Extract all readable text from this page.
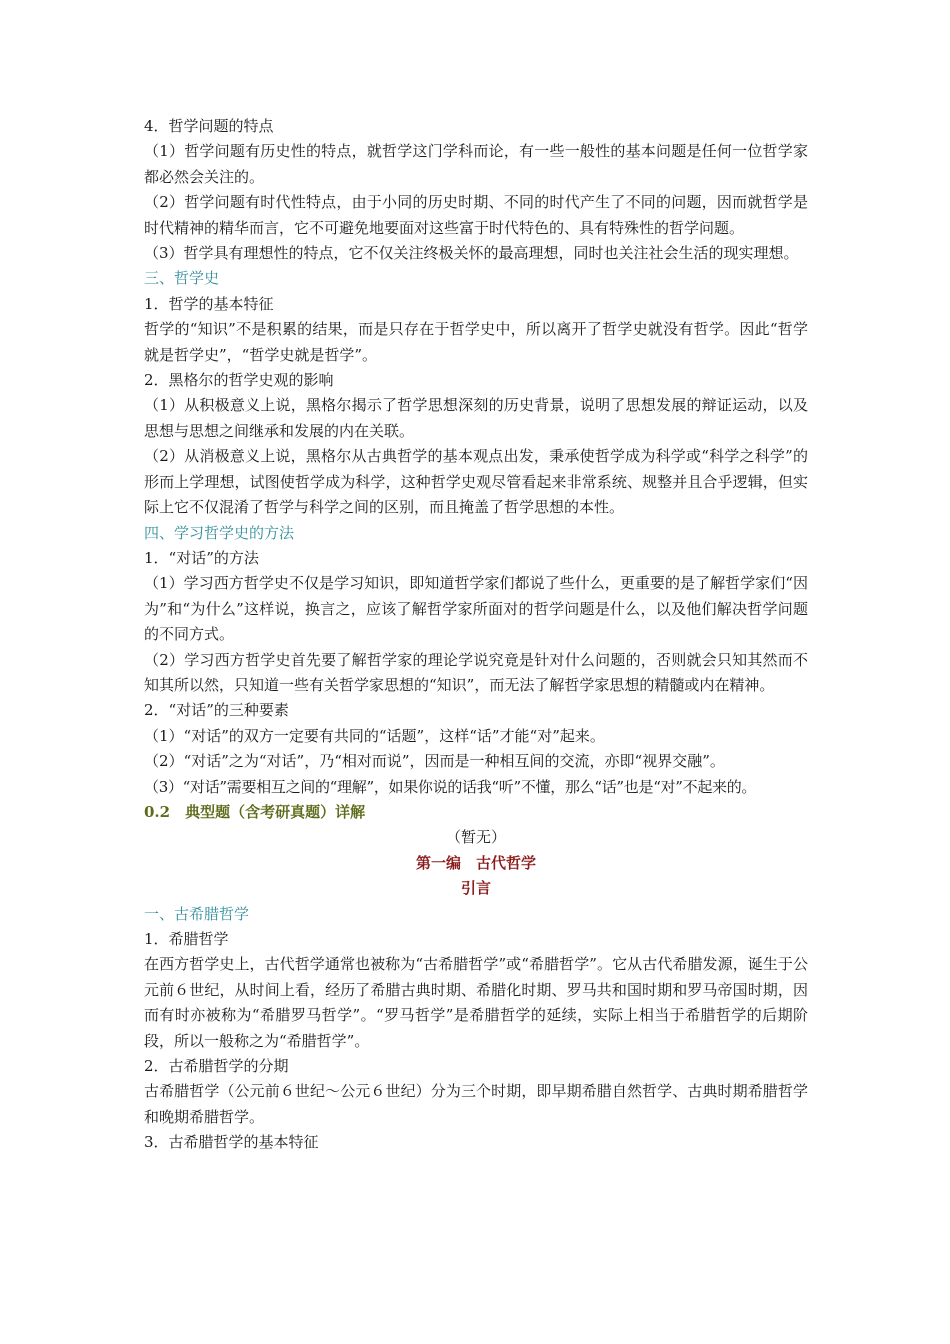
4．哲学问题的特点

（1）哲学问题有历史性的特点，就哲学这门学科而论，有一些一般性的基本问题是任何一位哲学家都必然会关注的。

（2）哲学问题有时代性特点，由于小同的历史时期、不同的时代产生了不同的问题，因而就哲学是时代精神的精华而言，它不可避免地要面对这些富于时代特色的、具有特殊性的哲学问题。

（3）哲学具有理想性的特点，它不仅关注终极关怀的最高理想，同时也关注社会生活的现实理想。

三、哲学史

1．哲学的基本特征

哲学的“知识”不是积累的结果，而是只存在于哲学史中，所以离开了哲学史就没有哲学。因此“哲学就是哲学史”，“哲学史就是哲学”。

2．黑格尔的哲学史观的影响

（1）从积极意义上说，黑格尔揭示了哲学思想深刻的历史背景，说明了思想发展的辩证运动，以及思想与思想之间继承和发展的内在关联。

（2）从消极意义上说，黑格尔从古典哲学的基本观点出发，秉承使哲学成为科学或“科学之科学”的形而上学理想，试图使哲学成为科学，这种哲学史观尽管看起来非常系统、规整并且合乎逻辑，但实际上它不仅混淆了哲学与科学之间的区别，而且掩盖了哲学思想的本性。

四、学习哲学史的方法

1．“对话”的方法

（1）学习西方哲学史不仅是学习知识，即知道哲学家们都说了些什么，更重要的是了解哲学家们“因为”和“为什么”这样说，换言之，应该了解哲学家所面对的哲学问题是什么，以及他们解决哲学问题的不同方式。

（2）学习西方哲学史首先要了解哲学家的理论学说究竟是针对什么问题的，否则就会只知其然而不知其所以然，只知道一些有关哲学家思想的“知识”，而无法了解哲学家思想的精髓或内在精神。

2．“对话”的三种要素

（1）“对话”的双方一定要有共同的“话题”，这样“话”才能“对”起来。

（2）“对话”之为“对话”，乃“相对而说”，因而是一种相互间的交流，亦即“视界交融”。

（3）“对话”需要相互之间的“理解”，如果你说的话我“听”不懂，那么“话”也是“对”不起来的。

0.2　典型题（含考研真题）详解

（暂无）

第一编　古代哲学

引言

一、古希腊哲学

1．希腊哲学

在西方哲学史上，古代哲学通常也被称为“古希腊哲学”或“希腊哲学”。它从古代希腊发源，诞生于公元前６世纪，从时间上看，经历了希腊古典时期、希腊化时期、罗马共和国时期和罗马帝国时期，因而有时亦被称为“希腊罗马哲学”。“罗马哲学”是希腊哲学的延续，实际上相当于希腊哲学的后期阶段，所以一般称之为“希腊哲学”。

2．古希腊哲学的分期

古希腊哲学（公元前６世纪～公元６世纪）分为三个时期，即早期希腊自然哲学、古典时期希腊哲学和晚期希腊哲学。

3．古希腊哲学的基本特征
